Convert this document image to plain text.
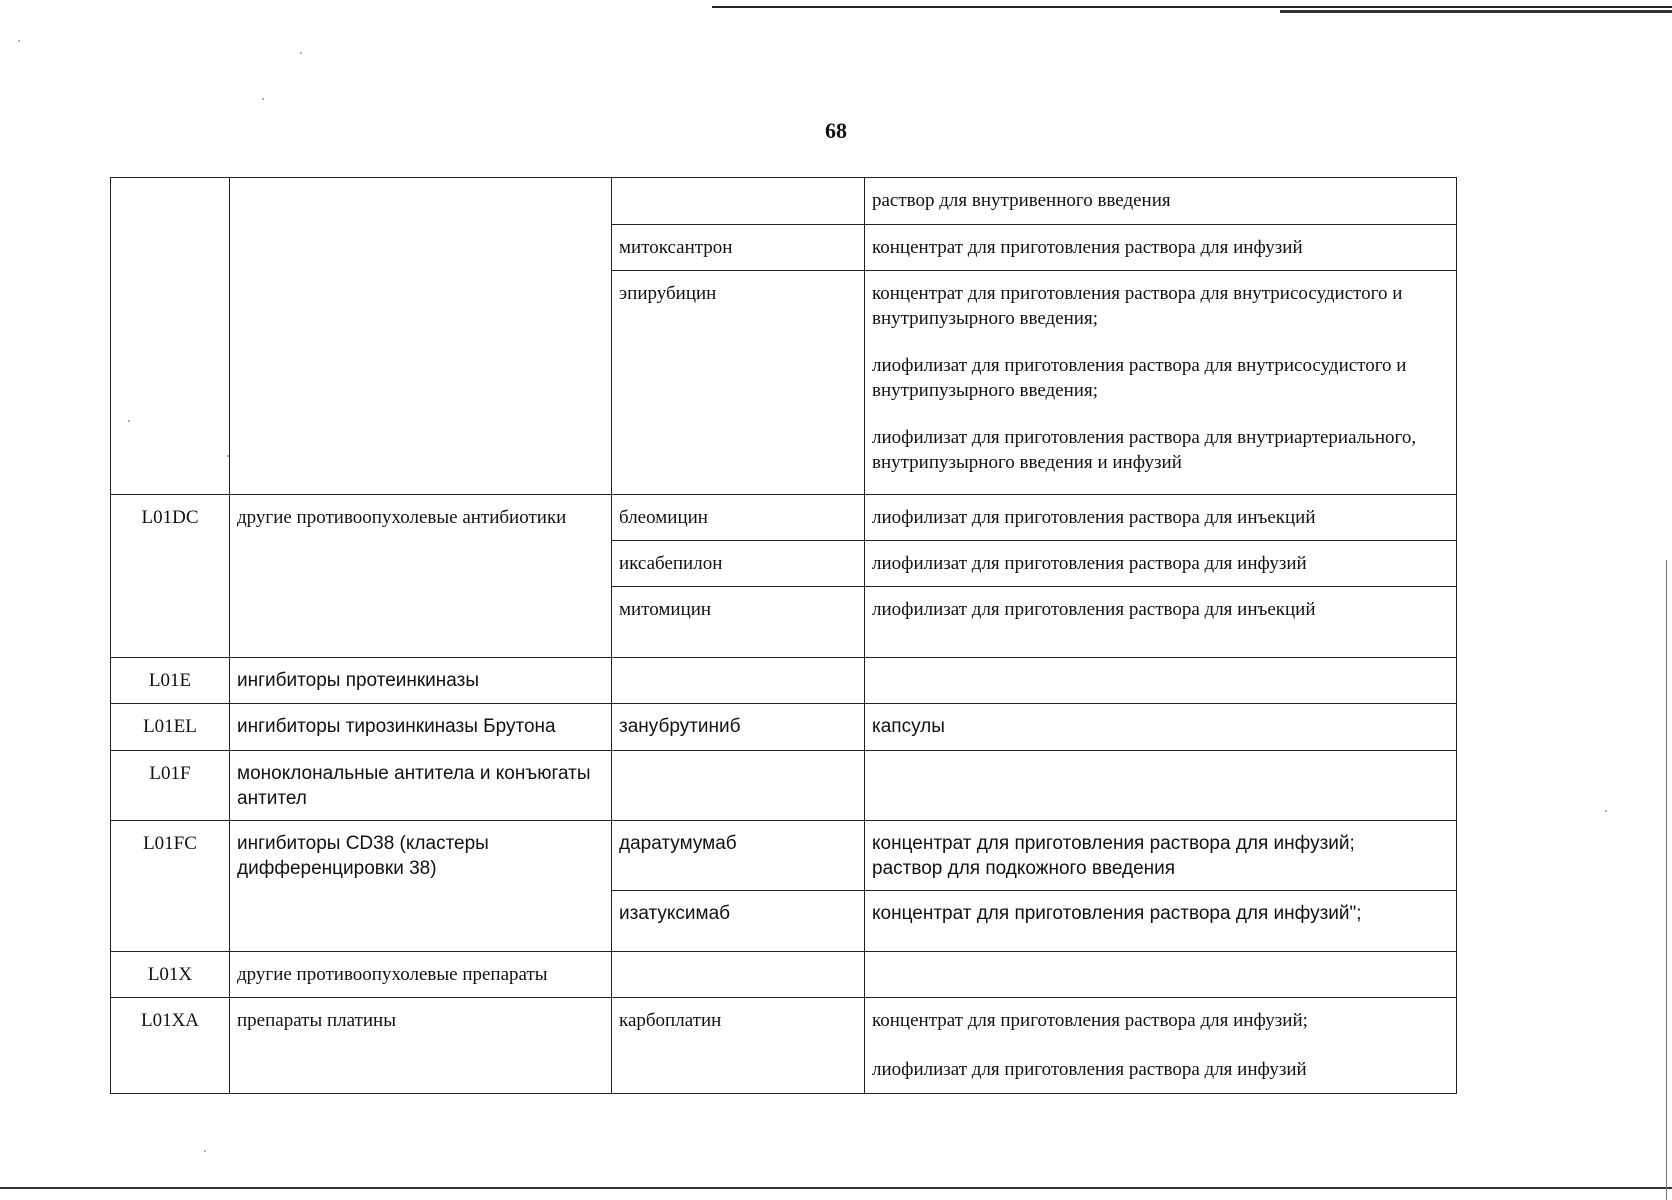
68

			раствор для внутривенного введения

		митоксантрон	концентрат для приготовления раствора для инфузий

		эпирубицин	концентрат для приготовления раствора для внутрисосудистого и внутрипузырного введения;
лиофилизат для приготовления раствора для внутрисосудистого и внутрипузырного введения;
лиофилизат для приготовления раствора для внутриартериального, внутрипузырного введения и инфузий

L01DC	другие противоопухолевые антибиотики	блеомицин	лиофилизат для приготовления раствора для инъекций

		иксабепилон	лиофилизат для приготовления раствора для инфузий

		митомицин	лиофилизат для приготовления раствора для инъекций

L01E	ингибиторы протеинкиназы		
L01EL	ингибиторы тирозинкиназы Брутона	занубрутиниб	капсулы

L01F	моноклональные антитела и конъюгаты антител		
L01FC	ингибиторы CD38 (кластеры дифференцировки 38)	даратумумаб	концентрат для приготовления раствора для инфузий;
раствор для подкожного введения

		изатуксимаб	концентрат для приготовления раствора для инфузий";

L01X	другие противоопухолевые препараты		
L01XA	препараты платины	карбоплатин	концентрат для приготовления раствора для инфузий;
лиофилизат для приготовления раствора для инфузий
